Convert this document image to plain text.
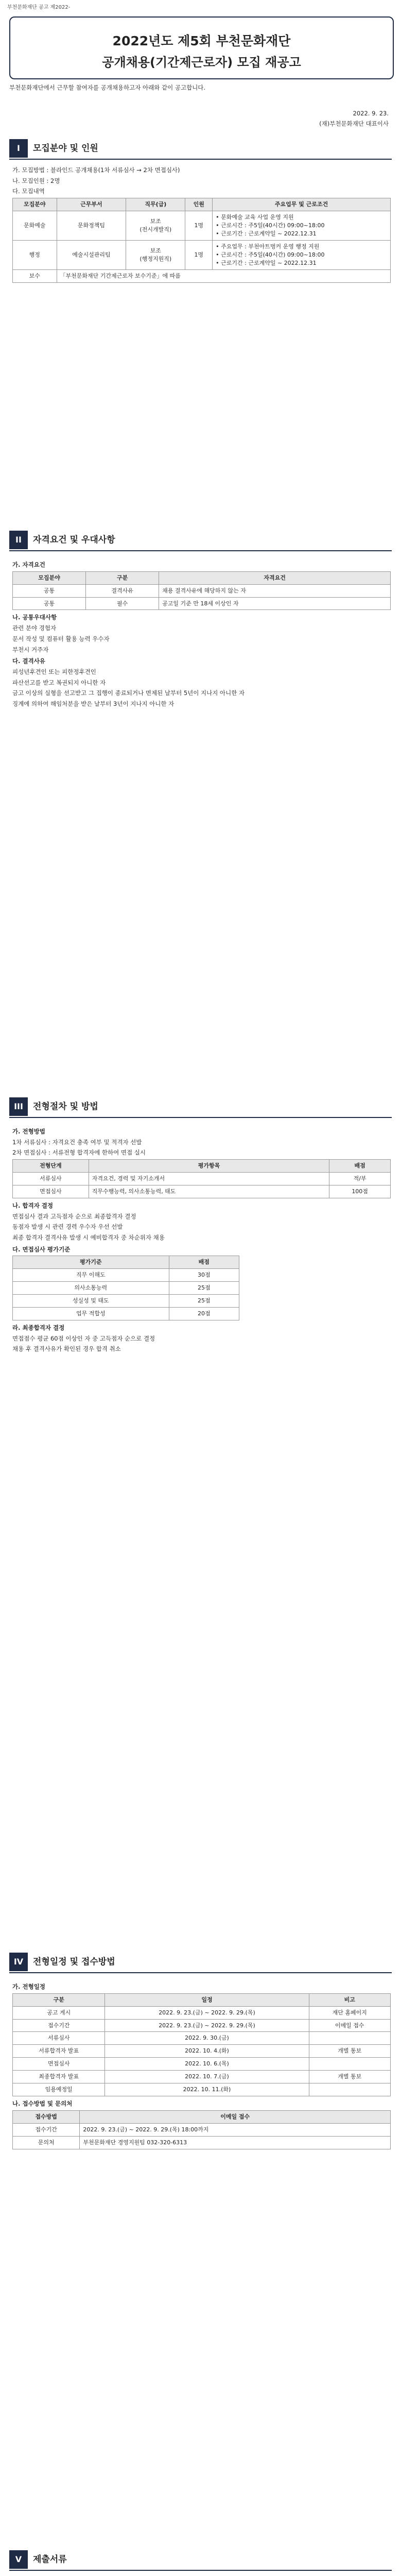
부천문화재단 공고 제2022-
2022년도 제5회 부천문화재단
공개채용(기간제근로자) 모집 재공고
부천문화재단에서 근무할 참여자를 공개채용하고자 아래와 같이 공고합니다.
2022. 9. 23.
(재)부천문화재단 대표이사
I	모집분야 및 인원

가. 모집방법 : 블라인드 공개채용(1차 서류심사 → 2차 면접심사)

나. 모집인원 : 2명

다. 모집내역

모집분야	근무부서	직무(급)	인원	주요업무 및 근로조건
문화예술	문화정책팀	보조
(전시개발직)	1명	• 문화예술 교육 사업 운영 지원
• 근로시간 : 주5일(40시간) 09:00~18:00
• 근로기간 : 근로계약일 ~ 2022.12.31
행정	예술시설관리팀	보조
(행정지원직)	1명	• 주요업무 : 부천아트벙커 운영 행정 지원
• 근로시간 : 주5일(40시간) 09:00~18:00
• 근로기간 : 근로계약일 ~ 2022.12.31
보수	「부천문화재단 기간제근로자 보수기준」에 따름			
II	자격요건 및 우대사항
가. 자격요건
모집분야	구분	자격요건
공통	결격사유	채용 결격사유에 해당하지 않는 자
공통	필수	공고일 기준 만 18세 이상인 자
나. 공통우대사항

관련 분야 경험자

문서 작성 및 컴퓨터 활용 능력 우수자

부천시 거주자

다. 결격사유

피성년후견인 또는 피한정후견인

파산선고를 받고 복권되지 아니한 자

금고 이상의 실형을 선고받고 그 집행이 종료되거나 면제된 날부터 5년이 지나지 아니한 자

징계에 의하여 해임처분을 받은 날부터 3년이 지나지 아니한 자

III	전형절차 및 방법
가. 전형방법

1차 서류심사 : 자격요건 충족 여부 및 적격자 선발

2차 면접심사 : 서류전형 합격자에 한하여 면접 실시

전형단계	평가항목	배점
서류심사	자격요건, 경력 및 자기소개서	적/부
면접심사	직무수행능력, 의사소통능력, 태도	100점
나. 합격자 결정

면접심사 결과 고득점자 순으로 최종합격자 결정

동점자 발생 시 관련 경력 우수자 우선 선발

최종 합격자 결격사유 발생 시 예비합격자 중 차순위자 채용

다. 면접심사 평가기준
평가기준	배점
직무 이해도	30점
의사소통능력	25점
성실성 및 태도	25점
업무 적합성	20점
라. 최종합격자 결정

면접점수 평균 60점 이상인 자 중 고득점자 순으로 결정

채용 후 결격사유가 확인된 경우 합격 취소

IV	전형일정 및 접수방법
가. 전형일정
구분	일정	비고
공고 게시	2022. 9. 23.(금) ~ 2022. 9. 29.(목)	재단 홈페이지
접수기간	2022. 9. 23.(금) ~ 2022. 9. 29.(목)	이메일 접수
서류심사	2022. 9. 30.(금)	
서류합격자 발표	2022. 10. 4.(화)	개별 통보
면접심사	2022. 10. 6.(목)	
최종합격자 발표	2022. 10. 7.(금)	개별 통보
임용예정일	2022. 10. 11.(화)	
나. 접수방법 및 문의처
접수방법	이메일 접수
접수기간	2022. 9. 23.(금) ~ 2022. 9. 29.(목) 18:00까지
문의처	부천문화재단 경영지원팀 032-320-6313
V	제출서류
